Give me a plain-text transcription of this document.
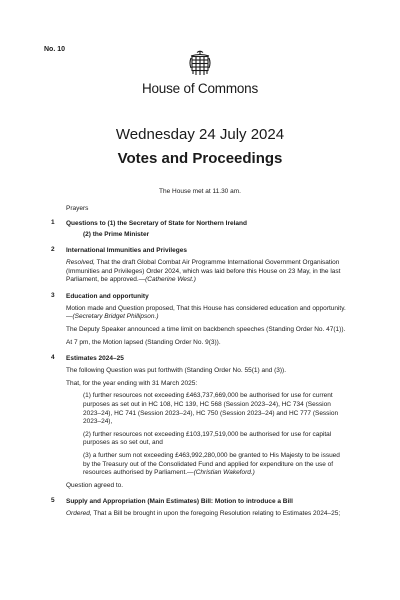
No. 10
House of Commons
Wednesday 24 July 2024
Votes and Proceedings
The House met at 11.30 am.
Prayers
1 Questions to (1) the Secretary of State for Northern Ireland

(2) the Prime Minister

2 International Immunities and Privileges

Resolved, That the draft Global Combat Air Programme International Government Organisation (Immunities and Privileges) Order 2024, which was laid before this House on 23 May, in the last Parliament, be approved.—(Catherine West.)

3 Education and opportunity

Motion made and Question proposed, That this House has considered education and opportunity.—(Secretary Bridget Phillipson.)

The Deputy Speaker announced a time limit on backbench speeches (Standing Order No. 47(1)).

At 7 pm, the Motion lapsed (Standing Order No. 9(3)).

4 Estimates 2024–25

The following Question was put forthwith (Standing Order No. 55(1) and (3)).

That, for the year ending with 31 March 2025:

(1) further resources not exceeding £463,737,669,000 be authorised for use for current purposes as set out in HC 108, HC 139, HC 568 (Session 2023–24), HC 734 (Session 2023–24), HC 741 (Session 2023–24), HC 750 (Session 2023–24) and HC 777 (Session 2023–24),

(2) further resources not exceeding £103,197,519,000 be authorised for use for capital purposes as so set out, and

(3) a further sum not exceeding £463,992,280,000 be granted to His Majesty to be issued by the Treasury out of the Consolidated Fund and applied for expenditure on the use of resources authorised by Parliament.—(Christian Wakeford.)

Question agreed to.

5 Supply and Appropriation (Main Estimates) Bill: Motion to introduce a Bill

Ordered, That a Bill be brought in upon the foregoing Resolution relating to Estimates 2024–25;
